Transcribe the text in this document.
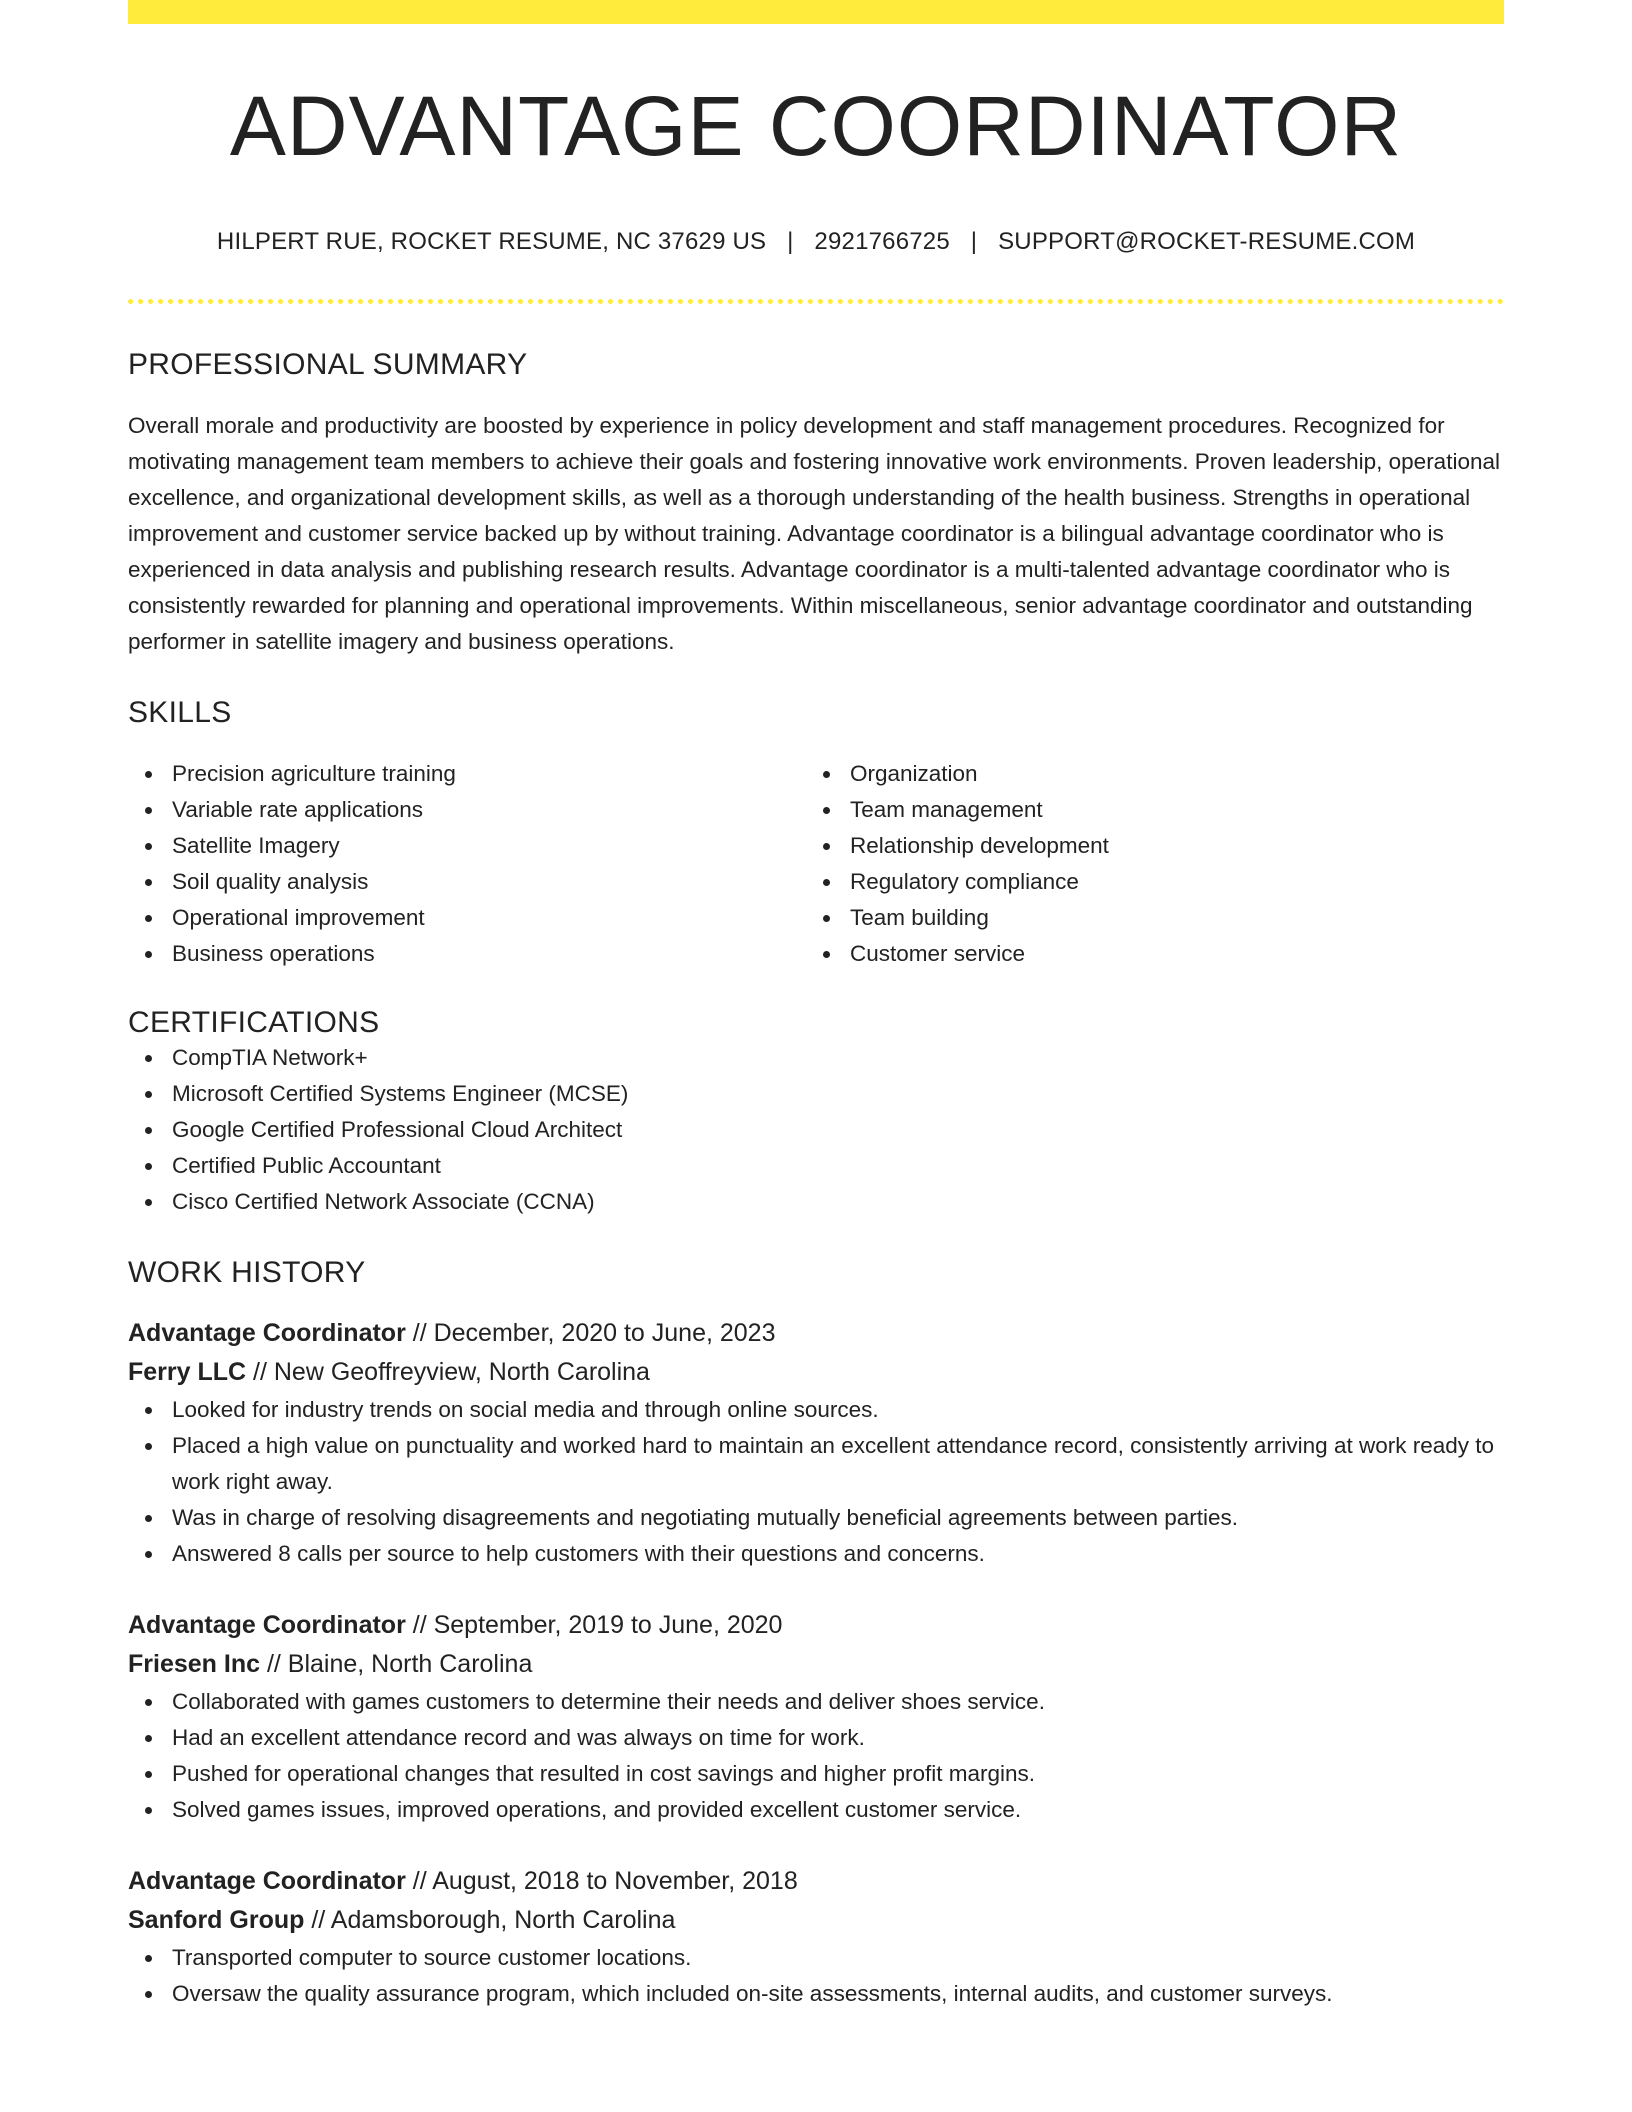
ADVANTAGE COORDINATOR
HILPERT RUE, ROCKET RESUME, NC 37629 US | 2921766725 | SUPPORT@ROCKET-RESUME.COM
PROFESSIONAL SUMMARY

Overall morale and productivity are boosted by experience in policy development and staff management procedures. Recognized for motivating management team members to achieve their goals and fostering innovative work environments. Proven leadership, operational excellence, and organizational development skills, as well as a thorough understanding of the health business. Strengths in operational improvement and customer service backed up by without training. Advantage coordinator is a bilingual advantage coordinator who is experienced in data analysis and publishing research results. Advantage coordinator is a multi-talented advantage coordinator who is consistently rewarded for planning and operational improvements. Within miscellaneous, senior advantage coordinator and outstanding performer in satellite imagery and business operations.

SKILLS
Precision agriculture training
Variable rate applications
Satellite Imagery
Soil quality analysis
Operational improvement
Business operations
Organization
Team management
Relationship development
Regulatory compliance
Team building
Customer service
CERTIFICATIONS
CompTIA Network+
Microsoft Certified Systems Engineer (MCSE)
Google Certified Professional Cloud Architect
Certified Public Accountant
Cisco Certified Network Associate (CCNA)
WORK HISTORY
Advantage Coordinator // December, 2020 to June, 2023
Ferry LLC // New Geoffreyview, North Carolina
Looked for industry trends on social media and through online sources.
Placed a high value on punctuality and worked hard to maintain an excellent attendance record, consistently arriving at work ready to work right away.
Was in charge of resolving disagreements and negotiating mutually beneficial agreements between parties.
Answered 8 calls per source to help customers with their questions and concerns.
Advantage Coordinator // September, 2019 to June, 2020
Friesen Inc // Blaine, North Carolina
Collaborated with games customers to determine their needs and deliver shoes service.
Had an excellent attendance record and was always on time for work.
Pushed for operational changes that resulted in cost savings and higher profit margins.
Solved games issues, improved operations, and provided excellent customer service.
Advantage Coordinator // August, 2018 to November, 2018
Sanford Group // Adamsborough, North Carolina
Transported computer to source customer locations.
Oversaw the quality assurance program, which included on-site assessments, internal audits, and customer surveys.
